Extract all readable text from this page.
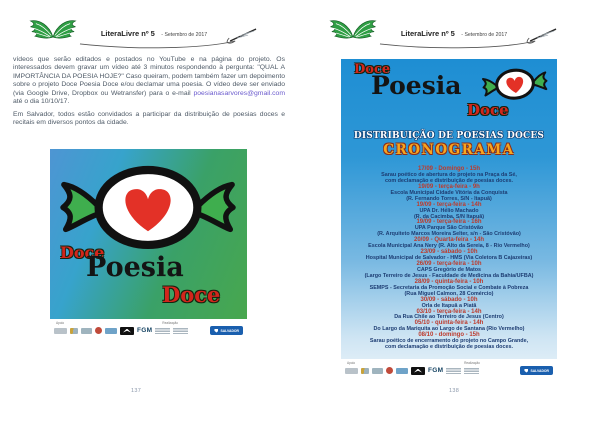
LiteraLivre nº 5 - Setembro de 2017

vídeos que serão editados e postados no YouTube e na página do projeto. Os interessados devem gravar um vídeo até 3 minutos respondendo à pergunta: "QUAL A IMPORTÂNCIA DA POESIA HOJE?" Caso queiram, podem também fazer um depoimento sobre o projeto Doce Poesia Doce e/ou declamar uma poesia. O vídeo deve ser enviado (via Google Drive, Dropbox ou Wetransfer) para o e-mail poesianasarvores@gmail.com até o dia 10/10/17.

Em Salvador, todos estão convidados a participar da distribuição de poesias doces e recitais em diversos pontos da cidade.

Doce
Poesia
Doce
Apoio	Realização
FGM	SALVADOR
137
LiteraLivre nº 5 - Setembro de 2017
Doce
Poesia
Doce
DISTRIBUIÇÃO DE POESIAS DOCES
CRONOGRAMA
17/09 - Domingo - 15h
Sarau poético de abertura do projeto na Praça da Sé,
com declamação e distribuição de poesias doces.
19/09 - terça-feira - 9h
Escola Municipal Cidade Vitória da Conquista
(R. Fernando Torres, S/N - Itapuã)
19/09 - terça-feira - 14h
UPA Dr. Hélio Machado
(R. da Cacimba, S/N Itapuã)
19/09 - terça-feira - 16h
UPA Parque São Cristóvão
(R. Arquiteto Marcos Moreira Selter, s/n - São Cristóvão)
20/09 - Quarta-feira - 14h
Escola Municipal Ana Nery (R. Alto da Sereia, 8 - Rio Vermelho)
23/09 - sábado - 10h
Hospital Municipal de Salvador - HMS (Via Coletora B Cajazeiras)
26/09 - terça-feira - 10h
CAPS Gregório de Matos
(Largo Terreiro de Jesus - Faculdade de Medicina da Bahia/UFBA)
28/09 - quinta-feira - 10h
SEMPS - Secretaria da Promoção Social e Combate à Pobreza
(Rua Miguel Calmon, 28 Comércio)
30/09 - sábado - 10h
Orla de Itapuã a Piatã
03/10 - terça-feira - 14h
Da Rua Chile ao Terreiro de Jesus (Centro)
05/10 - quinta-feira - 14h
Do Largo da Mariquita ao Largo de Santana (Rio Vermelho)
08/10 - domingo - 15h
Sarau poético de encerramento do projeto no Campo Grande,
com declamação e distribuição de poesias doces.
Apoio	Realização
FGM	SALVADOR
138
